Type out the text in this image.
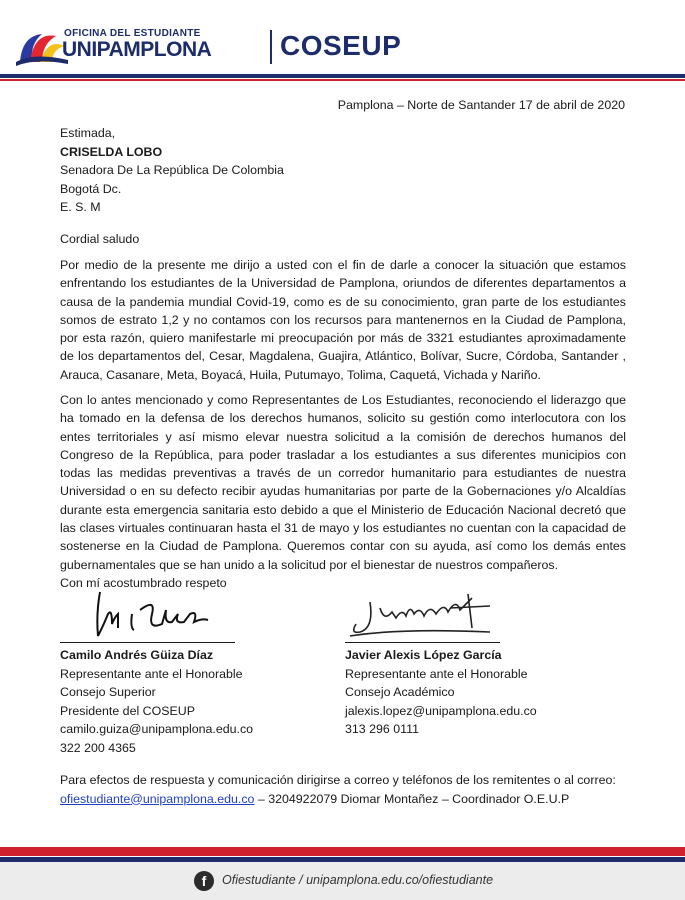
OFICINA DEL ESTUDIANTE
UNIPAMPLONA COSEUP
Pamplona – Norte de Santander 17 de abril de 2020
Estimada,
CRISELDA LOBO
Senadora De La República De Colombia
Bogotá Dc.
E. S. M
Cordial saludo
Por medio de la presente me dirijo a usted con el fin de darle a conocer la situación que estamos enfrentando los estudiantes de la Universidad de Pamplona, oriundos de diferentes departamentos a causa de la pandemia mundial Covid-19, como es de su conocimiento, gran parte de los estudiantes somos de estrato 1,2 y no contamos con los recursos para mantenernos en la Ciudad de Pamplona, por esta razón, quiero manifestarle mi preocupación por más de 3321 estudiantes aproximadamente de los departamentos del, Cesar, Magdalena, Guajira, Atlántico, Bolívar, Sucre, Córdoba, Santander , Arauca, Casanare, Meta, Boyacá, Huila, Putumayo, Tolima, Caquetá, Vichada y Nariño.
Con lo antes mencionado y como Representantes de Los Estudiantes, reconociendo el liderazgo que ha tomado en la defensa de los derechos humanos, solicito su gestión como interlocutora con los entes territoriales y así mismo elevar nuestra solicitud a la comisión de derechos humanos del Congreso de la República, para poder trasladar a los estudiantes a sus diferentes municipios con todas las medidas preventivas a través de un corredor humanitario para estudiantes de nuestra Universidad o en su defecto recibir ayudas humanitarias por parte de la Gobernaciones y/o Alcaldías durante esta emergencia sanitaria esto debido a que el Ministerio de Educación Nacional decretó que las clases virtuales continuaran hasta el 31 de mayo y los estudiantes no cuentan con la capacidad de sostenerse en la Ciudad de Pamplona. Queremos contar con su ayuda, así como los demás entes gubernamentales que se han unido a la solicitud por el bienestar de nuestros compañeros.
Con mí acostumbrado respeto
Camilo Andrés Güiza Díaz
Representante ante el Honorable
Consejo Superior
Presidente del COSEUP
camilo.guiza@unipamplona.edu.co
322 200 4365
Javier Alexis López García
Representante ante el Honorable
Consejo Académico
jalexis.lopez@unipamplona.edu.co
313 296 0111
Para efectos de respuesta y comunicación dirigirse a correo y teléfonos de los remitentes o al correo:
ofiestudiante@unipamplona.edu.co – 3204922079 Diomar Montañez – Coordinador O.E.U.P
f	Ofiestudiante / unipamplona.edu.co/ofiestudiante
